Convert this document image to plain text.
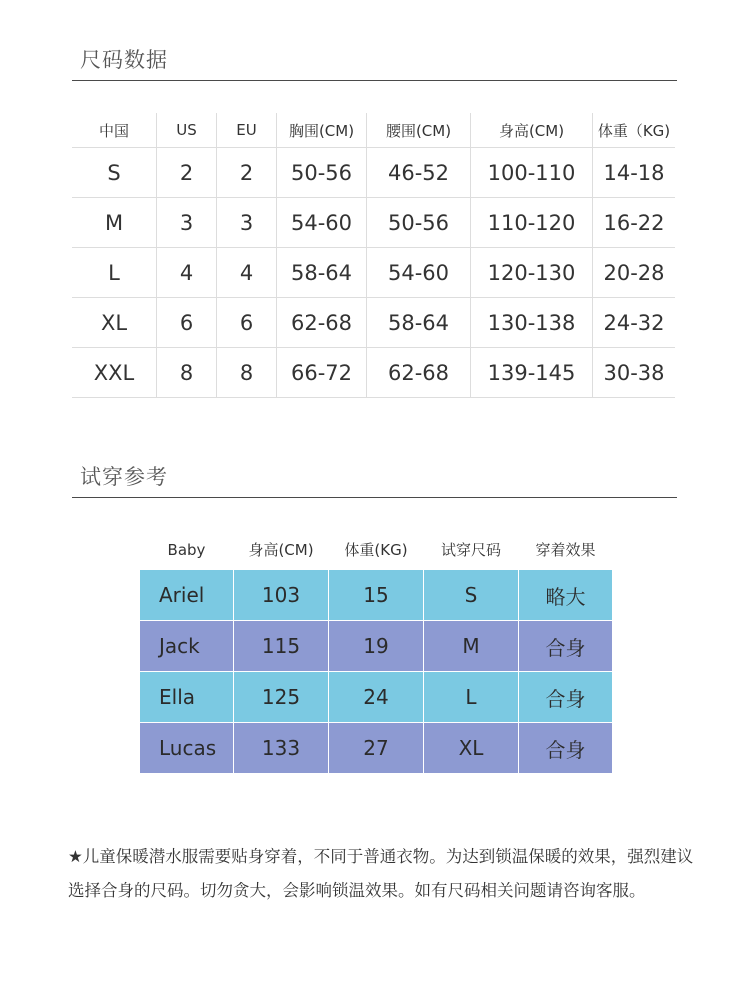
尺码数据
中国	US	EU	胸围(CM)	腰围(CM)	身高(CM)	体重（KG)
S	2	2	50-56	46-52	100-110	14-18
M	3	3	54-60	50-56	110-120	16-22
L	4	4	58-64	54-60	120-130	20-28
XL	6	6	62-68	58-64	130-138	24-32
XXL	8	8	66-72	62-68	139-145	30-38
试穿参考
Baby	身高(CM)	体重(KG)	试穿尺码	穿着效果
Ariel	103	15	S	略大
Jack	115	19	M	合身
Ella	125	24	L	合身
Lucas	133	27	XL	合身
★儿童保暖潜水服需要贴身穿着，不同于普通衣物。为达到锁温保暖的效果，强烈建议选择合身的尺码。切勿贪大，会影响锁温效果。如有尺码相关问题请咨询客服。
